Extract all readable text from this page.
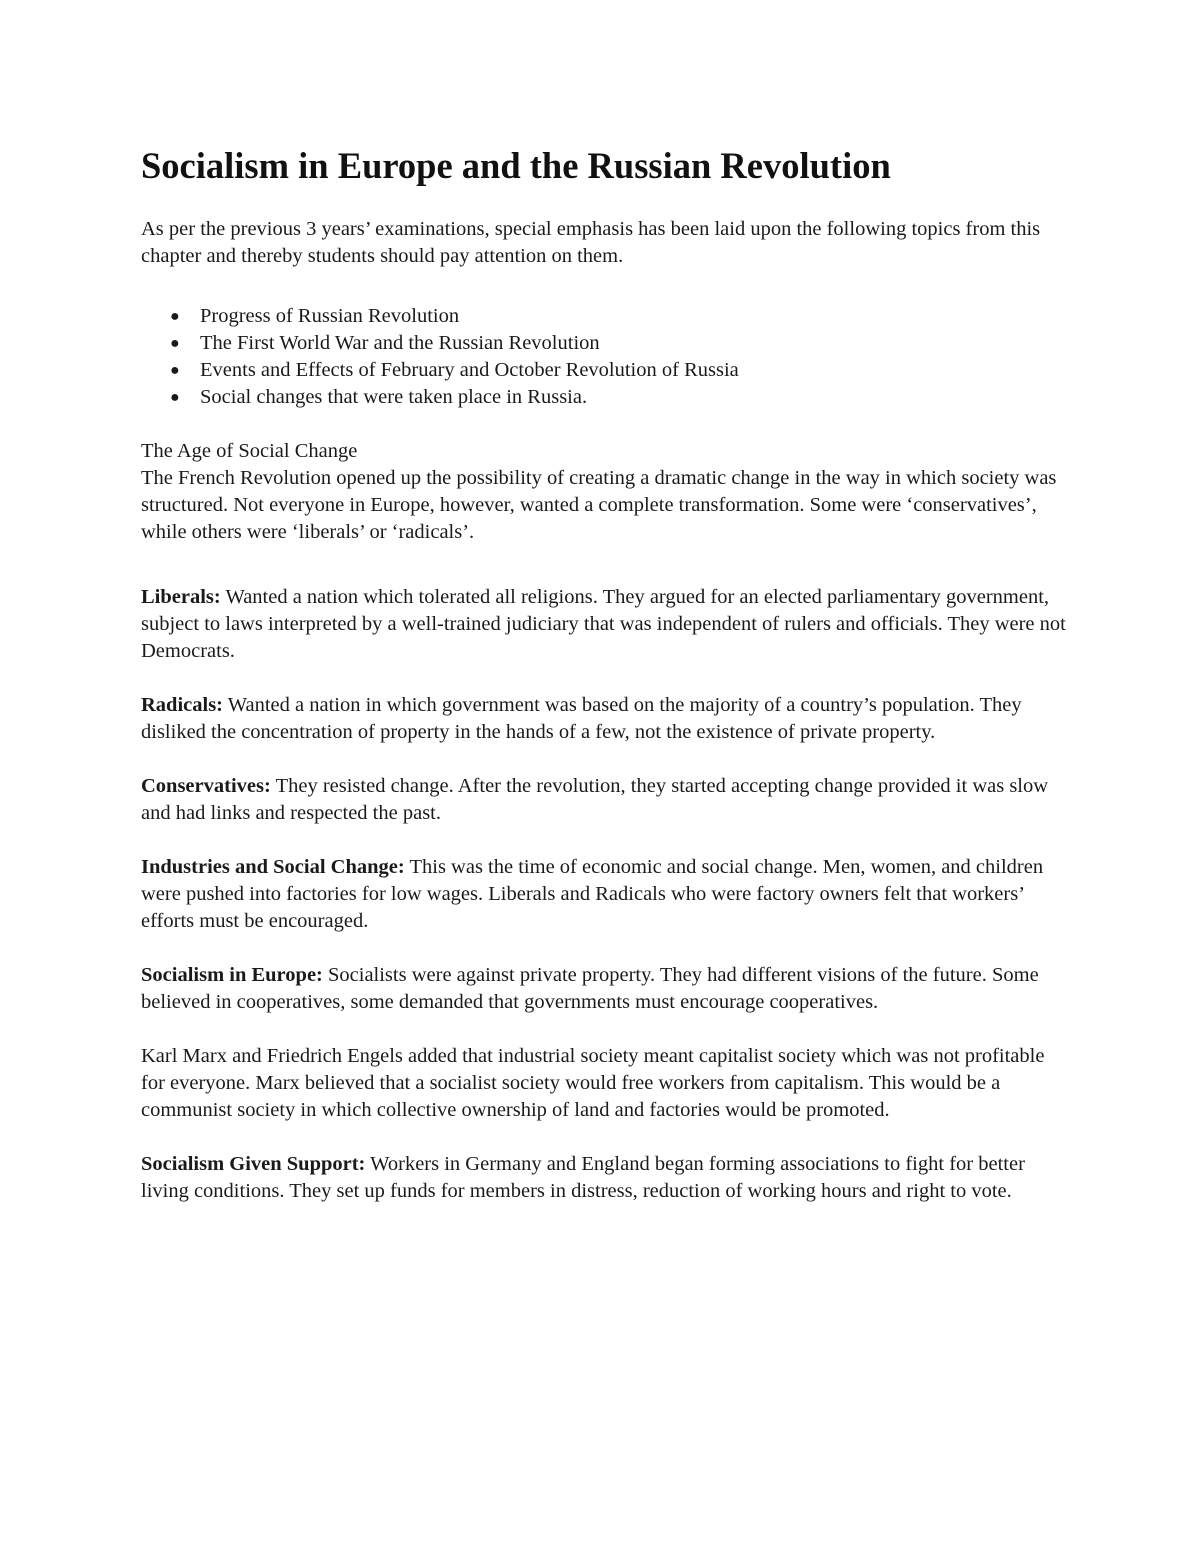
Socialism in Europe and the Russian Revolution

As per the previous 3 years’ examinations, special emphasis has been laid upon the following topics from this chapter and thereby students should pay attention on them.

● Progress of Russian Revolution
● The First World War and the Russian Revolution
● Events and Effects of February and October Revolution of Russia
● Social changes that were taken place in Russia.

The Age of Social Change

The French Revolution opened up the possibility of creating a dramatic change in the way in which society was structured. Not everyone in Europe, however, wanted a complete transformation. Some were ‘conservatives’, while others were ‘liberals’ or ‘radicals’.

Liberals: Wanted a nation which tolerated all religions. They argued for an elected parliamentary government, subject to laws interpreted by a well-trained judiciary that was independent of rulers and officials. They were not Democrats.

Radicals: Wanted a nation in which government was based on the majority of a country’s population. They disliked the concentration of property in the hands of a few, not the existence of private property.

Conservatives: They resisted change. After the revolution, they started accepting change provided it was slow and had links and respected the past.

Industries and Social Change: This was the time of economic and social change. Men, women, and children were pushed into factories for low wages. Liberals and Radicals who were factory owners felt that workers’ efforts must be encouraged.

Socialism in Europe: Socialists were against private property. They had different visions of the future. Some believed in cooperatives, some demanded that governments must encourage cooperatives.

Karl Marx and Friedrich Engels added that industrial society meant capitalist society which was not profitable for everyone. Marx believed that a socialist society would free workers from capitalism. This would be a communist society in which collective ownership of land and factories would be promoted.

Socialism Given Support: Workers in Germany and England began forming associations to fight for better living conditions. They set up funds for members in distress, reduction of working hours and right to vote.
